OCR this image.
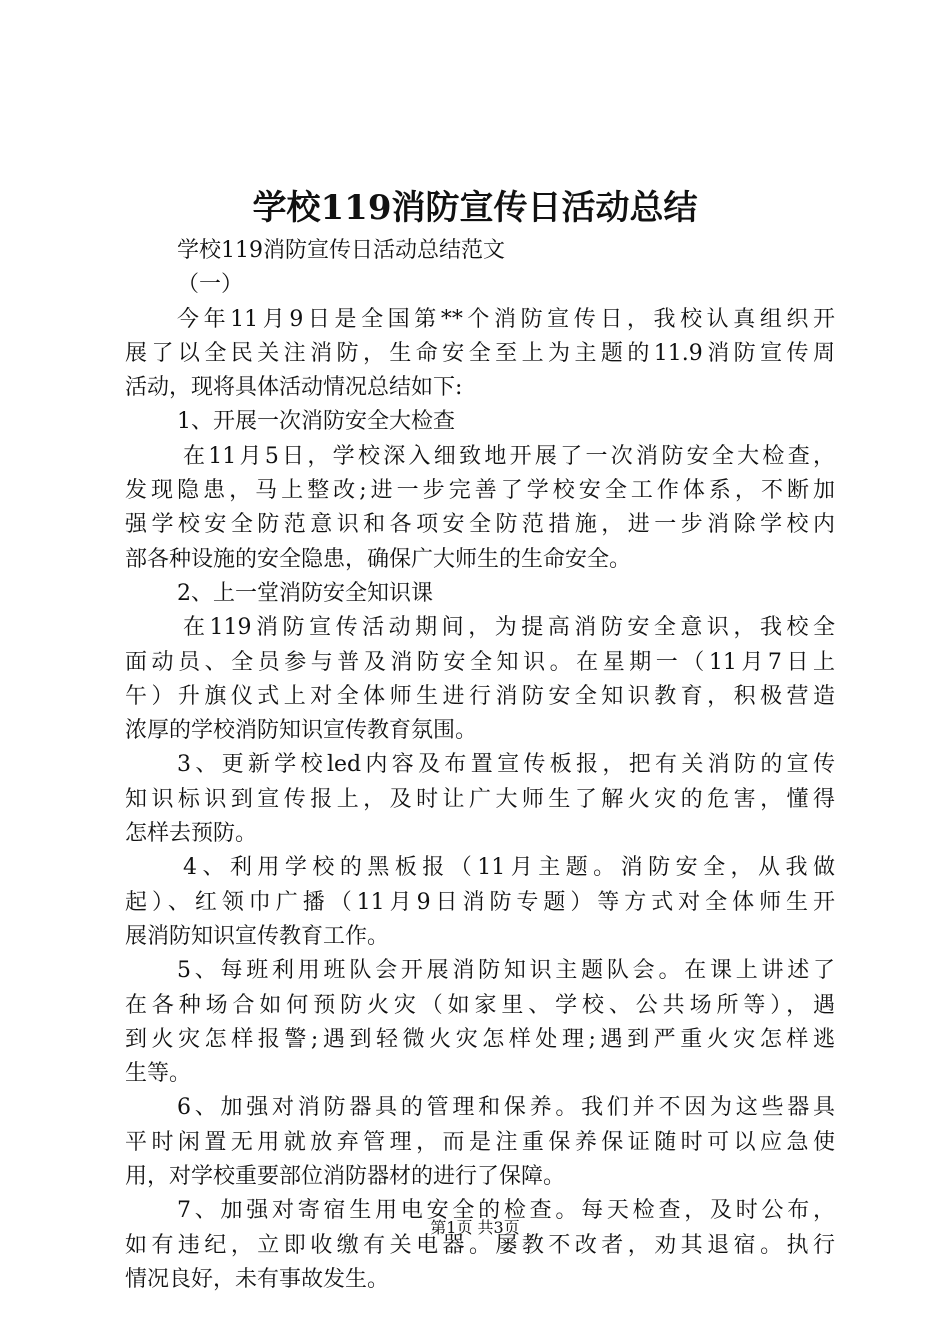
学校119消防宣传日活动总结
学校119消防宣传日活动总结范文
（一）
今年11月9日是全国第**个消防宣传日，我校认真组织开
展了以全民关注消防，生命安全至上为主题的11.9消防宣传周
活动，现将具体活动情况总结如下:
1、开展一次消防安全大检查
在11月5日，学校深入细致地开展了一次消防安全大检查，
发现隐患，马上整改;进一步完善了学校安全工作体系，不断加
强学校安全防范意识和各项安全防范措施，进一步消除学校内
部各种设施的安全隐患，确保广大师生的生命安全。
2、上一堂消防安全知识课
在119消防宣传活动期间，为提高消防安全意识，我校全
面动员、全员参与普及消防安全知识。在星期一（11月7日上
午）升旗仪式上对全体师生进行消防安全知识教育，积极营造
浓厚的学校消防知识宣传教育氛围。
3、更新学校led内容及布置宣传板报，把有关消防的宣传
知识标识到宣传报上，及时让广大师生了解火灾的危害，懂得
怎样去预防。
4、利用学校的黑板报（11月主题。消防安全，从我做
起）、红领巾广播（11月9日消防专题）等方式对全体师生开
展消防知识宣传教育工作。
5、每班利用班队会开展消防知识主题队会。在课上讲述了
在各种场合如何预防火灾（如家里、学校、公共场所等），遇
到火灾怎样报警;遇到轻微火灾怎样处理;遇到严重火灾怎样逃
生等。
6、加强对消防器具的管理和保养。我们并不因为这些器具
平时闲置无用就放弃管理，而是注重保养保证随时可以应急使
用，对学校重要部位消防器材的进行了保障。
7、加强对寄宿生用电安全的检查。每天检查，及时公布，
如有违纪，立即收缴有关电器。屡教不改者，劝其退宿。执行
情况良好，未有事故发生。
第1页 共3页
